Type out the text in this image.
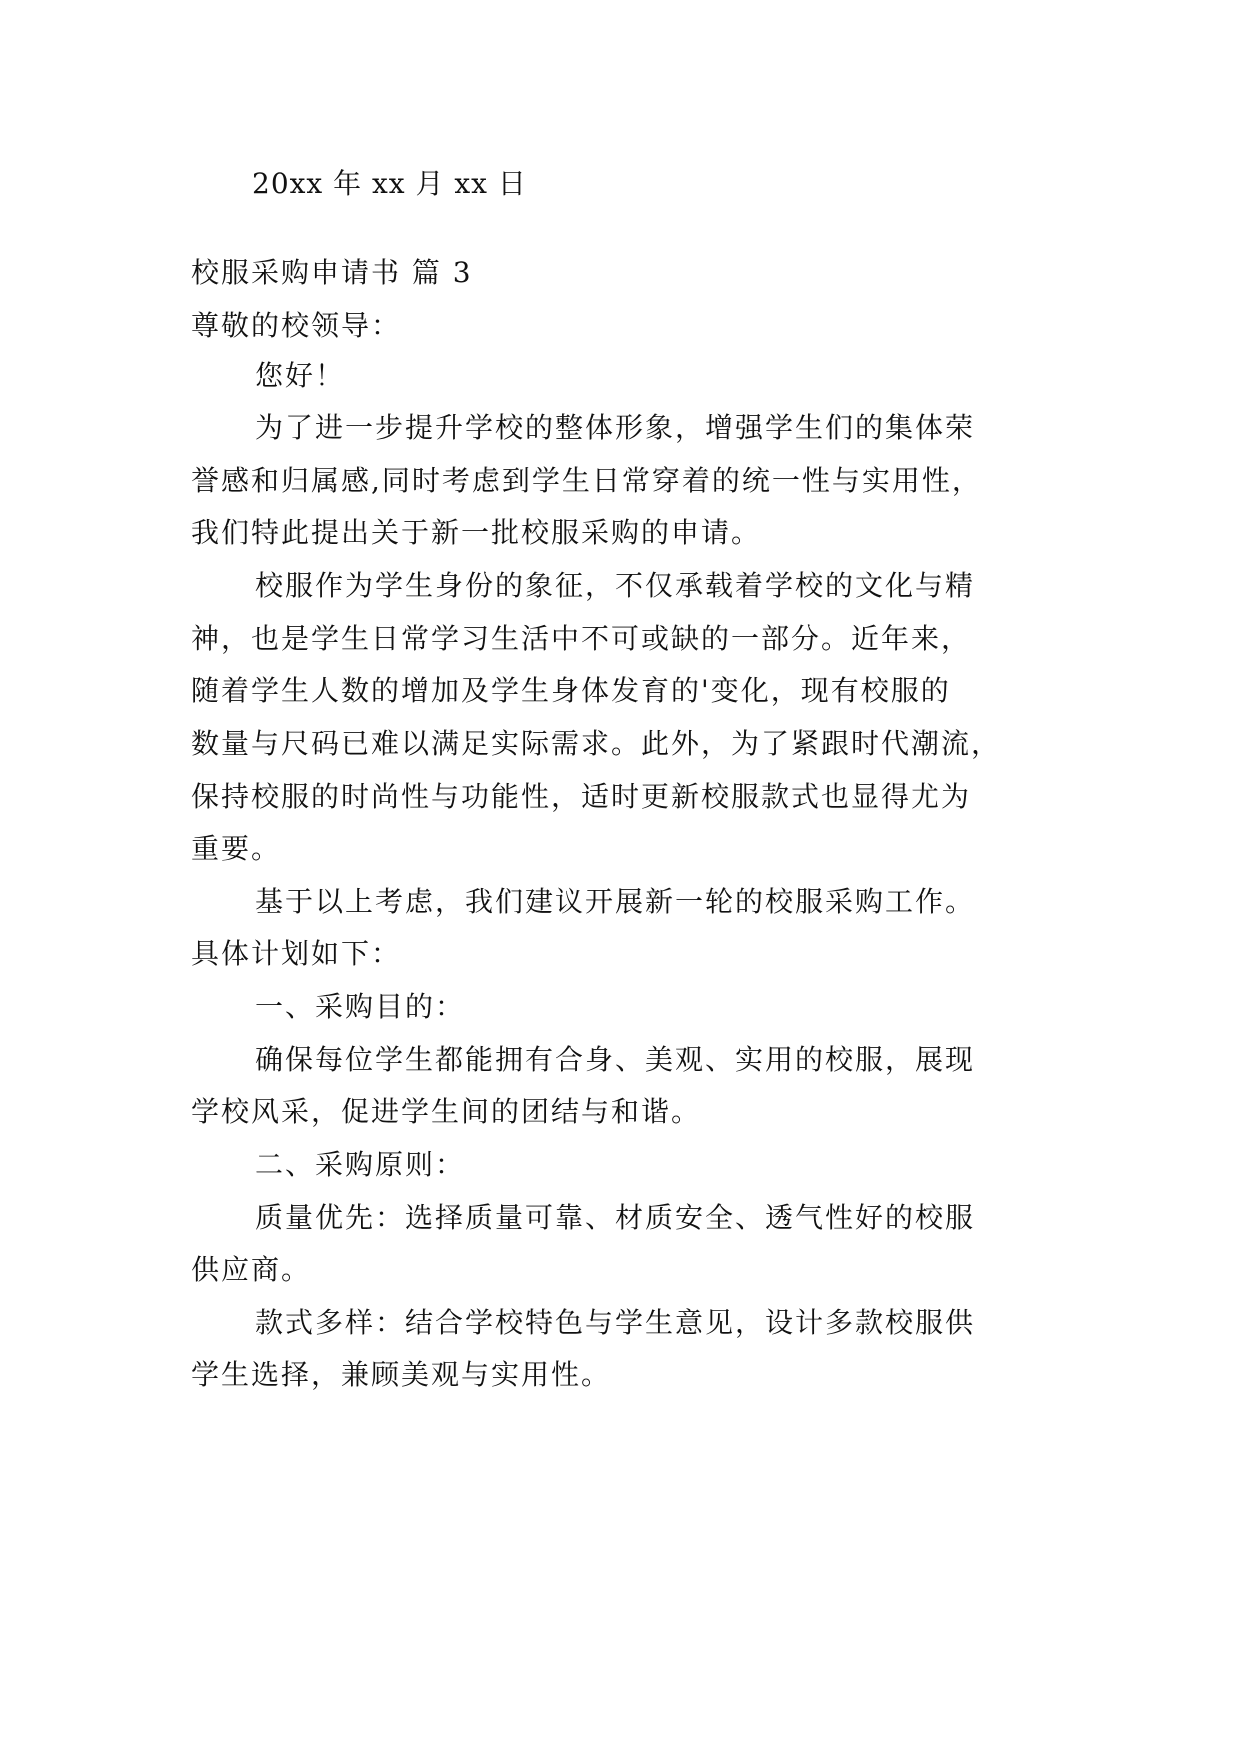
20xx 年 xx 月 xx 日
校服采购申请书 篇 3
尊敬的校领导：
您好！
为了进一步提升学校的整体形象，增强学生们的集体荣
誉感和归属感,同时考虑到学生日常穿着的统一性与实用性，
我们特此提出关于新一批校服采购的申请。
校服作为学生身份的象征，不仅承载着学校的文化与精
神，也是学生日常学习生活中不可或缺的一部分。近年来，
随着学生人数的增加及学生身体发育的'变化，现有校服的
数量与尺码已难以满足实际需求。此外，为了紧跟时代潮流，
保持校服的时尚性与功能性，适时更新校服款式也显得尤为
重要。
基于以上考虑，我们建议开展新一轮的校服采购工作。
具体计划如下：
一、采购目的：
确保每位学生都能拥有合身、美观、实用的校服，展现
学校风采，促进学生间的团结与和谐。
二、采购原则：
质量优先：选择质量可靠、材质安全、透气性好的校服
供应商。
款式多样：结合学校特色与学生意见，设计多款校服供
学生选择，兼顾美观与实用性。
